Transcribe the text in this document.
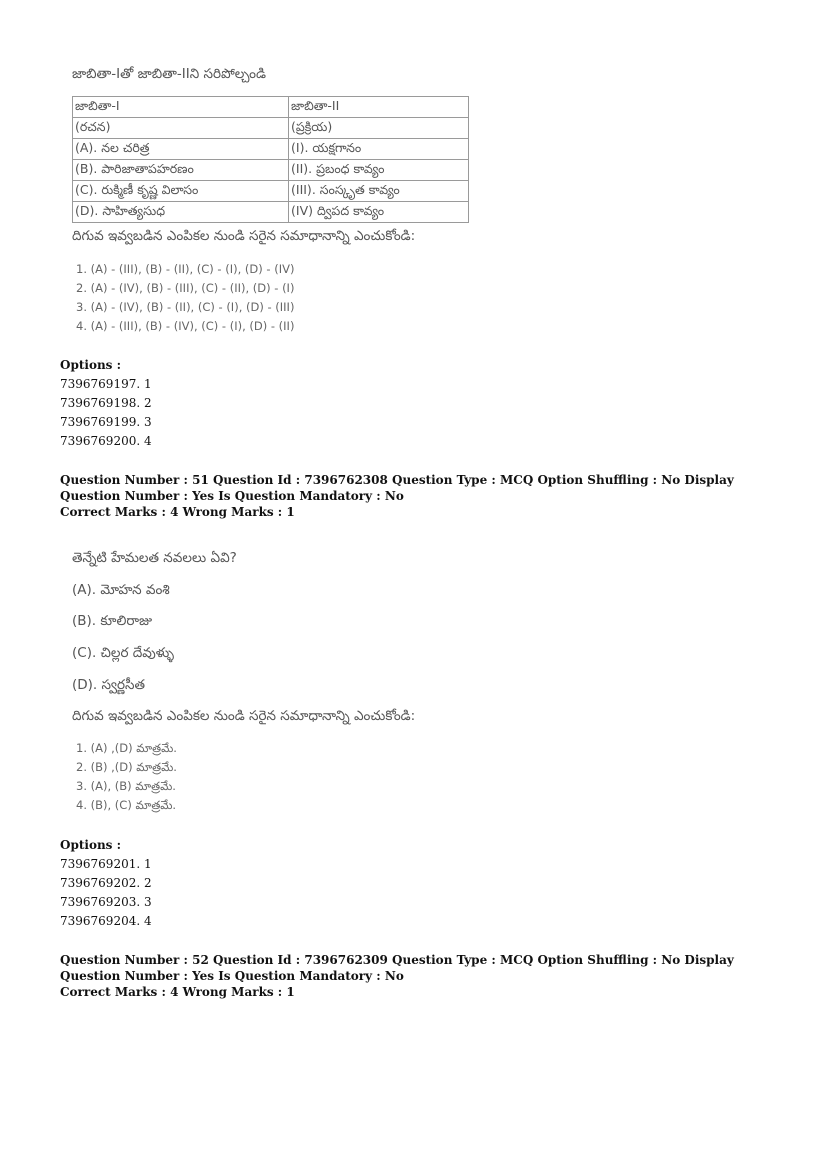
జాబితా-Iతో జాబితా-IIని సరిపోల్చండి
జాబితా-I	జాబితా-II
(రచన)	(ప్రక్రియ)
(A). నల చరిత్ర	(I). యక్షగానం
(B). పారిజాతాపహరణం	(II). ప్రబంధ కావ్యం
(C). రుక్మిణీ కృష్ణ విలాసం	(III). సంస్కృత కావ్యం
(D). సాహిత్యసుధ	(IV) ద్విపద కావ్యం
దిగువ ఇవ్వబడిన ఎంపికల నుండి సరైన సమాధానాన్ని ఎంచుకోండి:
1. (A) - (III), (B) - (II), (C) - (I), (D) - (IV)
2. (A) - (IV), (B) - (III), (C) - (II), (D) - (I)
3. (A) - (IV), (B) - (II), (C) - (I), (D) - (III)
4. (A) - (III), (B) - (IV), (C) - (I), (D) - (II)
Options :
7396769197. 1
7396769198. 2
7396769199. 3
7396769200. 4
Question Number : 51 Question Id : 7396762308 Question Type : MCQ Option Shuffling : No Display Question Number : Yes Is Question Mandatory : No
Correct Marks : 4 Wrong Marks : 1
తెన్నేటి హేమలత నవలలు ఏవి?
(A). మోహన వంశి
(B). కూలిరాజు
(C). చిల్లర దేవుళ్ళు
(D). స్వర్ణసీత
దిగువ ఇవ్వబడిన ఎంపికల నుండి సరైన సమాధానాన్ని ఎంచుకోండి:
1. (A) ,(D) మాత్రమే.
2. (B) ,(D) మాత్రమే.
3. (A), (B) మాత్రమే.
4. (B), (C) మాత్రమే.
Options :
7396769201. 1
7396769202. 2
7396769203. 3
7396769204. 4
Question Number : 52 Question Id : 7396762309 Question Type : MCQ Option Shuffling : No Display Question Number : Yes Is Question Mandatory : No
Correct Marks : 4 Wrong Marks : 1
